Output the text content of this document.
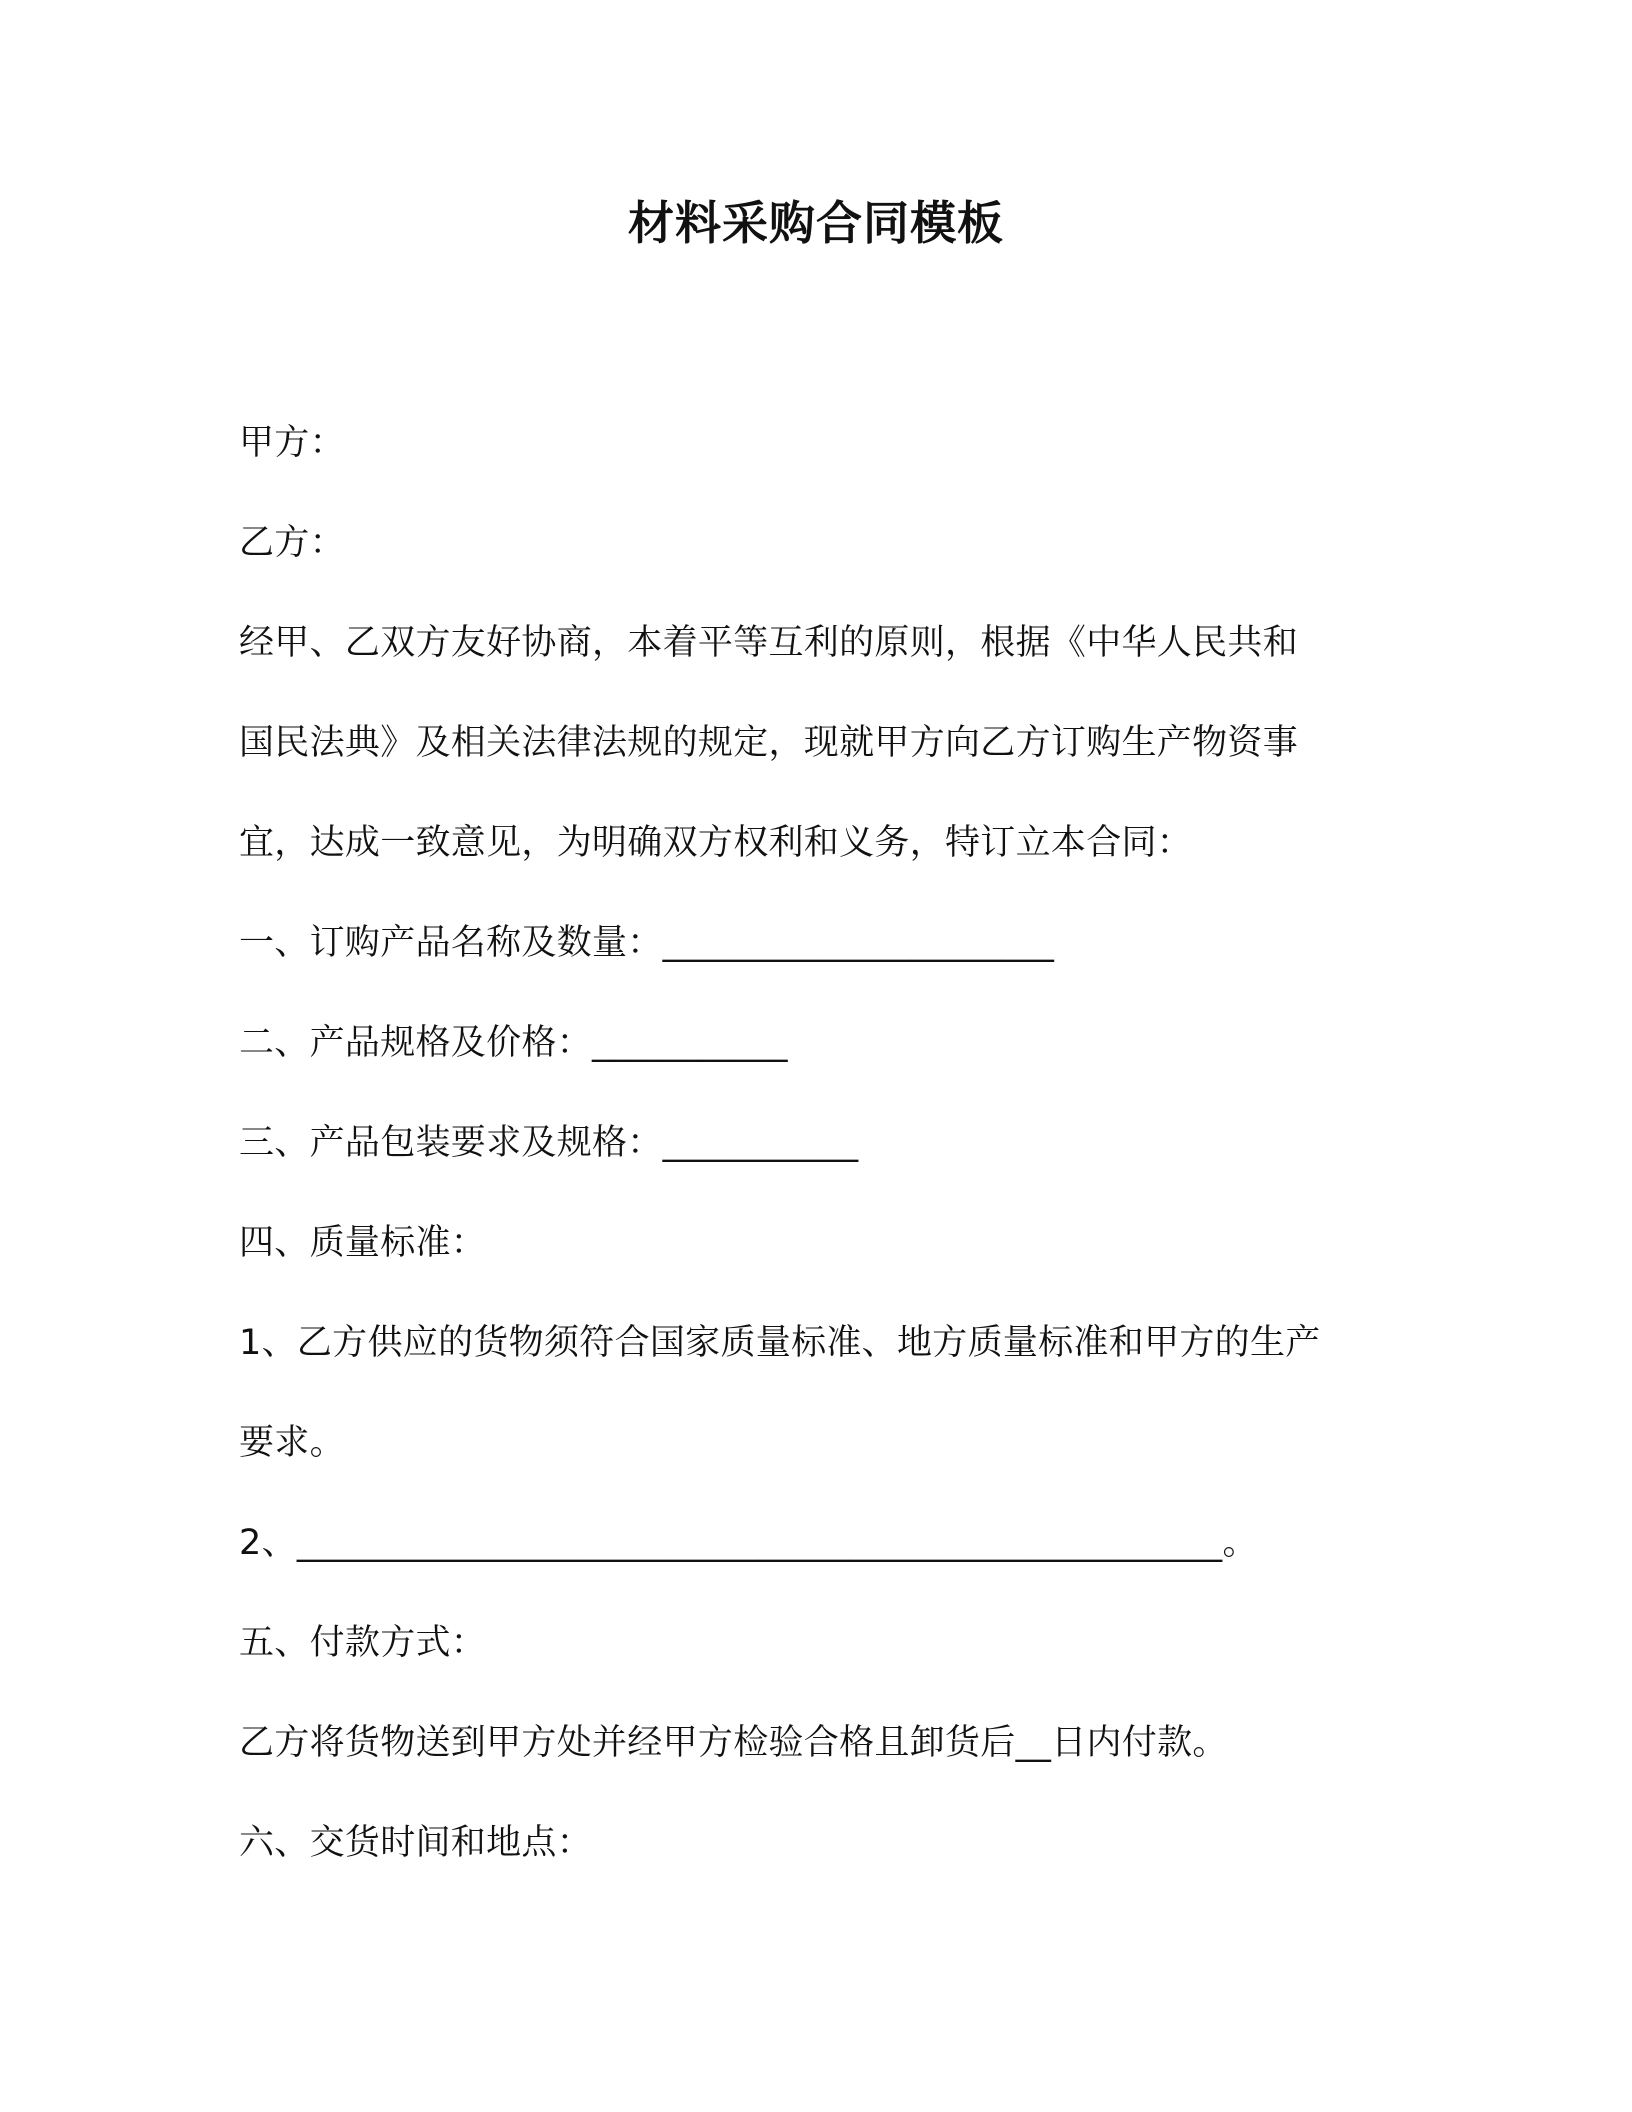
材料采购合同模板
甲方：
乙方：
经甲、乙双方友好协商，本着平等互利的原则，根据《中华人民共和
国民法典》及相关法律法规的规定，现就甲方向乙方订购生产物资事
宜，达成一致意见，为明确双方权利和义务，特订立本合同：
一、订购产品名称及数量：______________________
二、产品规格及价格：___________
三、产品包装要求及规格：___________
四、质量标准：
1、乙方供应的货物须符合国家质量标准、地方质量标准和甲方的生产
要求。
2、____________________________________________________。
五、付款方式：
乙方将货物送到甲方处并经甲方检验合格且卸货后__日内付款。
六、交货时间和地点：
